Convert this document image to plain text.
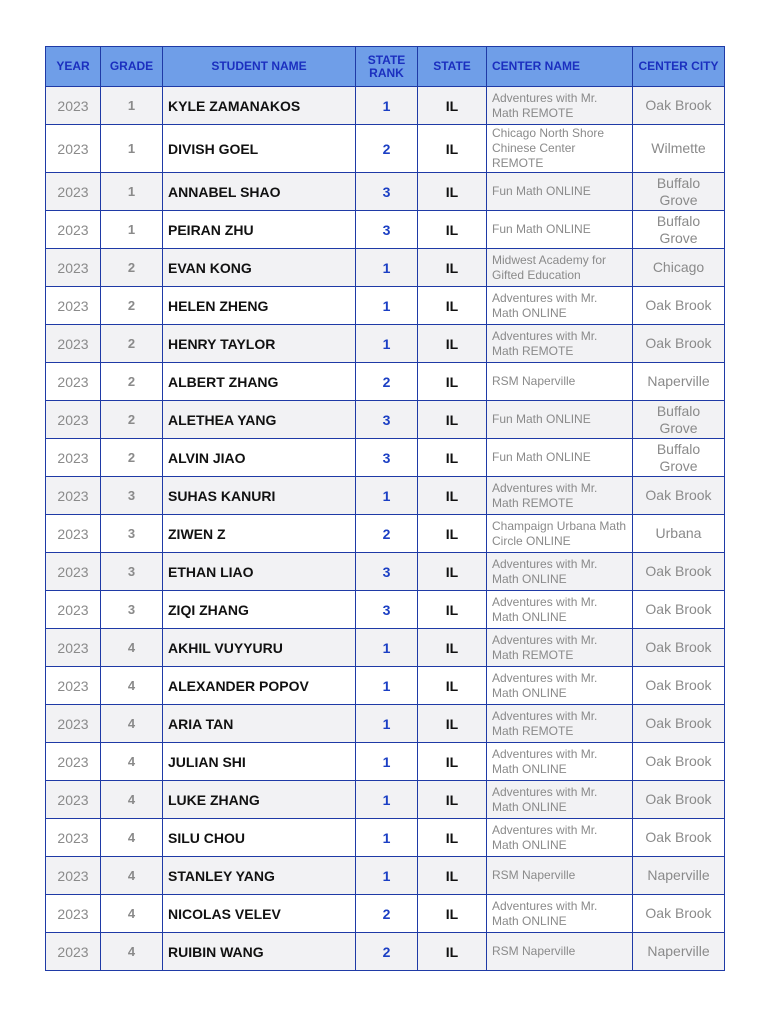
YEAR	GRADE	STUDENT NAME	STATE RANK	STATE	CENTER NAME	CENTER CITY
2023	1	KYLE ZAMANAKOS	1	IL	Adventures with Mr. Math REMOTE	Oak Brook
2023	1	DIVISH GOEL	2	IL	Chicago North Shore Chinese Center REMOTE	Wilmette
2023	1	ANNABEL SHAO	3	IL	Fun Math ONLINE	Buffalo Grove
2023	1	PEIRAN ZHU	3	IL	Fun Math ONLINE	Buffalo Grove
2023	2	EVAN KONG	1	IL	Midwest Academy for Gifted Education	Chicago
2023	2	HELEN ZHENG	1	IL	Adventures with Mr. Math ONLINE	Oak Brook
2023	2	HENRY TAYLOR	1	IL	Adventures with Mr. Math REMOTE	Oak Brook
2023	2	ALBERT ZHANG	2	IL	RSM Naperville	Naperville
2023	2	ALETHEA YANG	3	IL	Fun Math ONLINE	Buffalo Grove
2023	2	ALVIN JIAO	3	IL	Fun Math ONLINE	Buffalo Grove
2023	3	SUHAS KANURI	1	IL	Adventures with Mr. Math REMOTE	Oak Brook
2023	3	ZIWEN Z	2	IL	Champaign Urbana Math Circle ONLINE	Urbana
2023	3	ETHAN LIAO	3	IL	Adventures with Mr. Math ONLINE	Oak Brook
2023	3	ZIQI ZHANG	3	IL	Adventures with Mr. Math ONLINE	Oak Brook
2023	4	AKHIL VUYYURU	1	IL	Adventures with Mr. Math REMOTE	Oak Brook
2023	4	ALEXANDER POPOV	1	IL	Adventures with Mr. Math ONLINE	Oak Brook
2023	4	ARIA TAN	1	IL	Adventures with Mr. Math REMOTE	Oak Brook
2023	4	JULIAN SHI	1	IL	Adventures with Mr. Math ONLINE	Oak Brook
2023	4	LUKE ZHANG	1	IL	Adventures with Mr. Math ONLINE	Oak Brook
2023	4	SILU CHOU	1	IL	Adventures with Mr. Math ONLINE	Oak Brook
2023	4	STANLEY YANG	1	IL	RSM Naperville	Naperville
2023	4	NICOLAS VELEV	2	IL	Adventures with Mr. Math ONLINE	Oak Brook
2023	4	RUIBIN WANG	2	IL	RSM Naperville	Naperville
